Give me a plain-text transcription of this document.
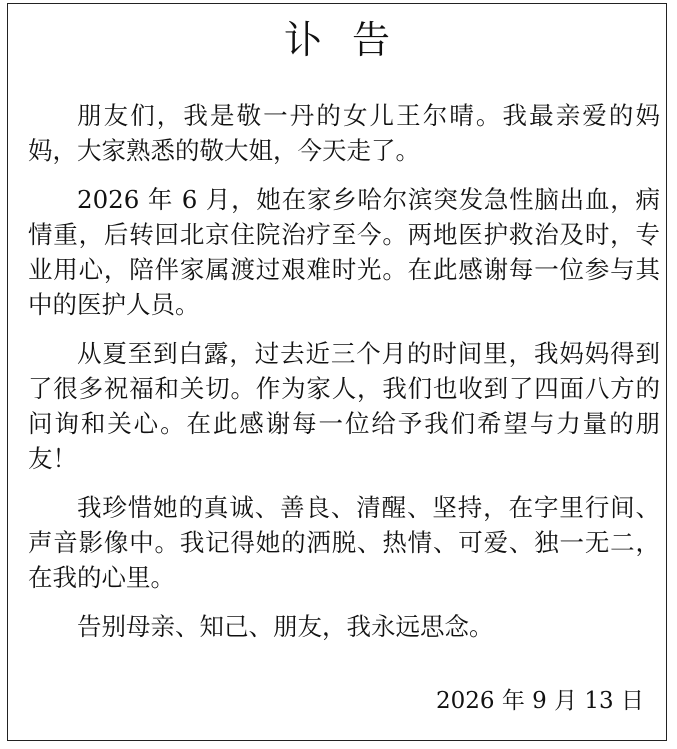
讣告

朋友们，我是敬一丹的女儿王尔晴。我最亲爱的妈妈，大家熟悉的敬大姐，今天走了。

2026 年 6 月，她在家乡哈尔滨突发急性脑出血，病情重，后转回北京住院治疗至今。两地医护救治及时，专业用心，陪伴家属渡过艰难时光。在此感谢每一位参与其中的医护人员。

从夏至到白露，过去近三个月的时间里，我妈妈得到了很多祝福和关切。作为家人，我们也收到了四面八方的问询和关心。在此感谢每一位给予我们希望与力量的朋友！

我珍惜她的真诚、善良、清醒、坚持，在字里行间、声音影像中。我记得她的洒脱、热情、可爱、独一无二，在我的心里。

告别母亲、知己、朋友，我永远思念。

2026 年 9 月 13 日
